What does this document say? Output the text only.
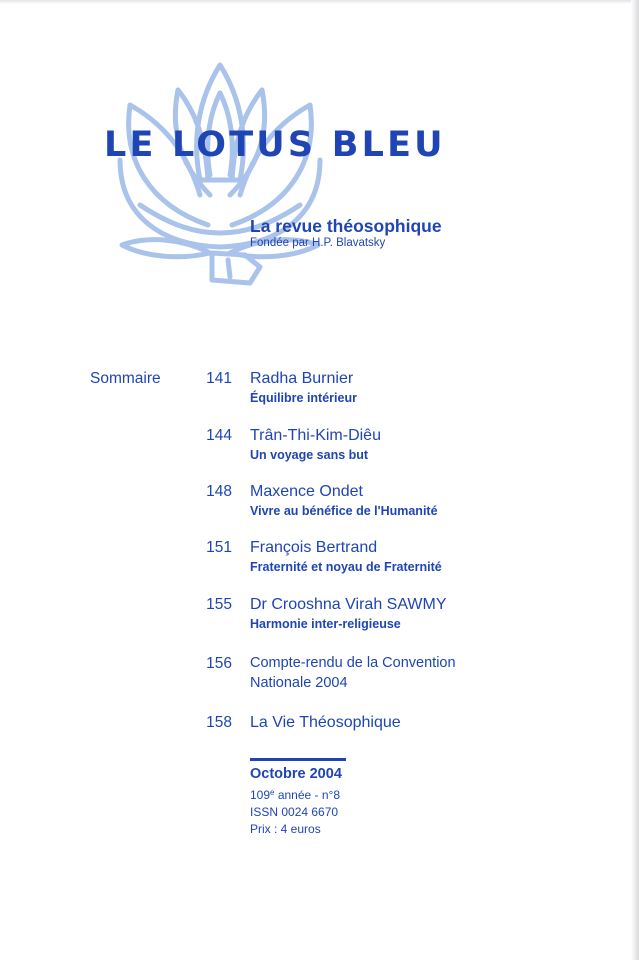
LE LOTUS BLEU
La revue théosophique
Fondée par H.P. Blavatsky
Sommaire	141 Radha Burnier
Équilibre intérieur
144 Trân-Thi-Kim-Diêu
Un voyage sans but
148 Maxence Ondet
Vivre au bénéfice de l'Humanité
151 François Bertrand
Fraternité et noyau de Fraternité
155 Dr Crooshna Virah SAWMY
Harmonie inter-religieuse
156 Compte-rendu de la Convention Nationale 2004
158 La Vie Théosophique
Octobre 2004
109e année - n°8
ISSN 0024 6670
Prix : 4 euros
